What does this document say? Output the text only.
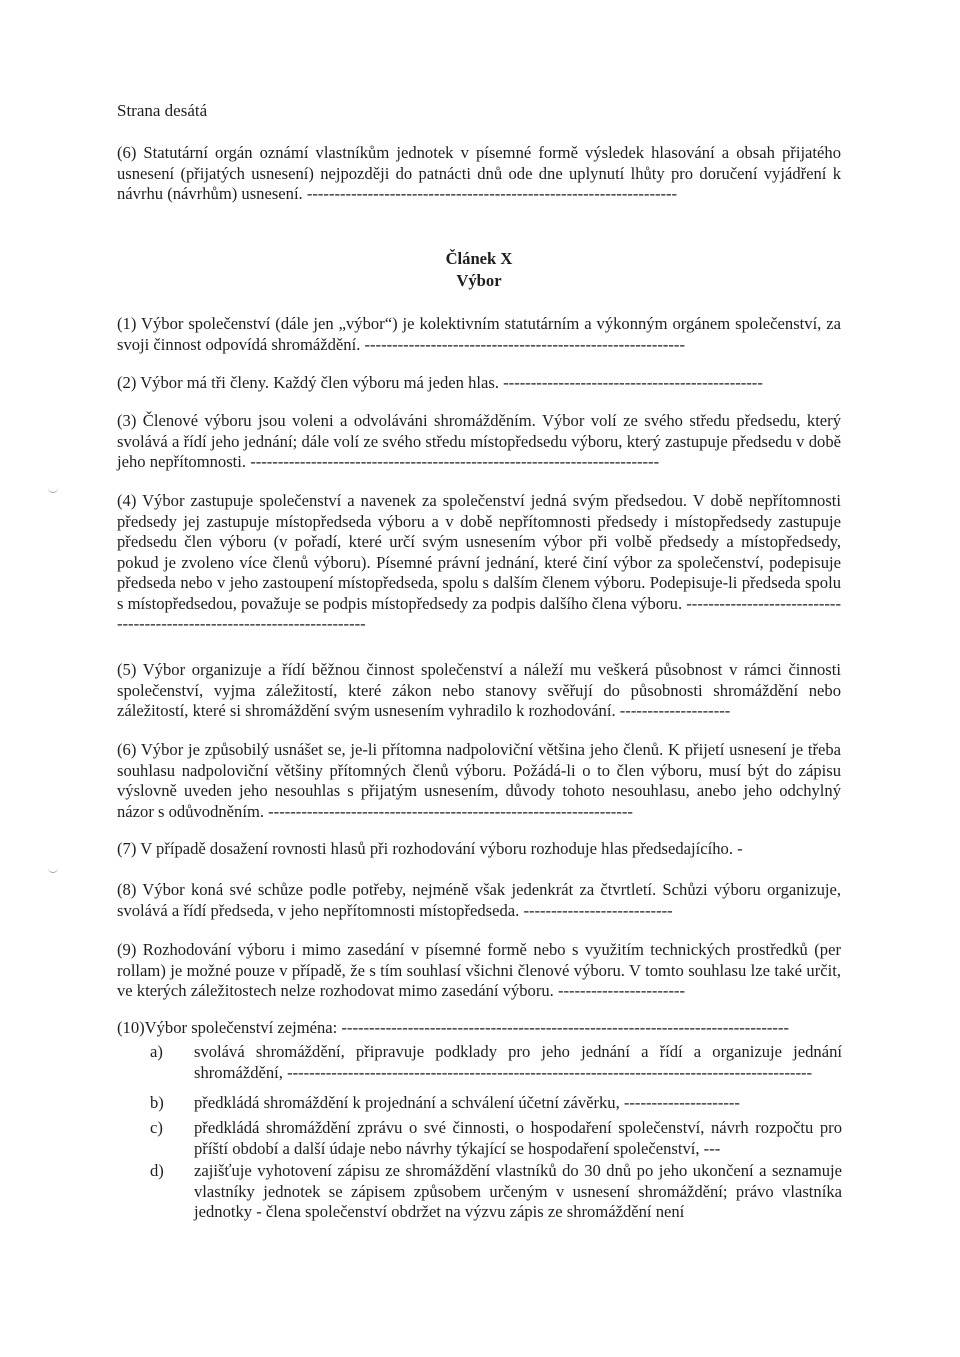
Strana desátá

(6) Statutární orgán oznámí vlastníkům jednotek v písemné formě výsledek hlasování a obsah přijatého usnesení (přijatých usnesení) nejpozději do patnácti dnů ode dne uplynutí lhůty pro doručení vyjádření k návrhu (návrhům) usnesení. -------------------------------------------------------------------

Článek X
Výbor

(1) Výbor společenství (dále jen „výbor“) je kolektivním statutárním a výkonným orgánem společenství, za svoji činnost odpovídá shromáždění. ----------------------------------------------------------

(2) Výbor má tři členy. Každý člen výboru má jeden hlas. -----------------------------------------------

(3) Členové výboru jsou voleni a odvoláváni shromážděním. Výbor volí ze svého středu předsedu, který svolává a řídí jeho jednání; dále volí ze svého středu místopředsedu výboru, který zastupuje předsedu v době jeho nepřítomnosti. --------------------------------------------------------------------------

(4) Výbor zastupuje společenství a navenek za společenství jedná svým předsedou. V době nepřítomnosti předsedy jej zastupuje místopředseda výboru a v době nepřítomnosti předsedy i místopředsedy zastupuje předsedu člen výboru (v pořadí, které určí svým usnesením výbor při volbě předsedy a místopředsedy, pokud je zvoleno více členů výboru). Písemné právní jednání, které činí výbor za společenství, podepisuje předseda nebo v jeho zastoupení místopředseda, spolu s dalším členem výboru. Podepisuje-li předseda spolu s místopředsedou, považuje se podpis místopředsedy za podpis dalšího člena výboru. -------------------------------------------------------------------------

(5) Výbor organizuje a řídí běžnou činnost společenství a náleží mu veškerá působnost v rámci činnosti společenství, vyjma záležitostí, které zákon nebo stanovy svěřují do působnosti shromáždění nebo záležitostí, které si shromáždění svým usnesením vyhradilo k rozhodování. --------------------

(6) Výbor je způsobilý usnášet se, je-li přítomna nadpoloviční většina jeho členů. K přijetí usnesení je třeba souhlasu nadpoloviční většiny přítomných členů výboru. Požádá-li o to člen výboru, musí být do zápisu výslovně uveden jeho nesouhlas s přijatým usnesením, důvody tohoto nesouhlasu, anebo jeho odchylný názor s odůvodněním. ------------------------------------------------------------------

(7) V případě dosažení rovnosti hlasů při rozhodování výboru rozhoduje hlas předsedajícího. -

(8) Výbor koná své schůze podle potřeby, nejméně však jedenkrát za čtvrtletí. Schůzi výboru organizuje, svolává a řídí předseda, v jeho nepřítomnosti místopředseda. ---------------------------

(9) Rozhodování výboru i mimo zasedání v písemné formě nebo s využitím technických prostředků (per rollam) je možné pouze v případě, že s tím souhlasí všichni členové výboru. V tomto souhlasu lze také určit, ve kterých záležitostech nelze rozhodovat mimo zasedání výboru. -----------------------

(10)Výbor společenství zejména: ---------------------------------------------------------------------------------

a)	svolává shromáždění, připravuje podklady pro jeho jednání a řídí a organizuje jednání shromáždění, -----------------------------------------------------------------------------------------------
b)	předkládá shromáždění k projednání a schválení účetní závěrku, ---------------------
c)	předkládá shromáždění zprávu o své činnosti, o hospodaření společenství, návrh rozpočtu pro příští období a další údaje nebo návrhy týkající se hospodaření společenství, ---
d)	zajišťuje vyhotovení zápisu ze shromáždění vlastníků do 30 dnů po jeho ukončení a seznamuje vlastníky jednotek se zápisem způsobem určeným v usnesení shromáždění; právo vlastníka jednotky - člena společenství obdržet na výzvu zápis ze shromáždění není
